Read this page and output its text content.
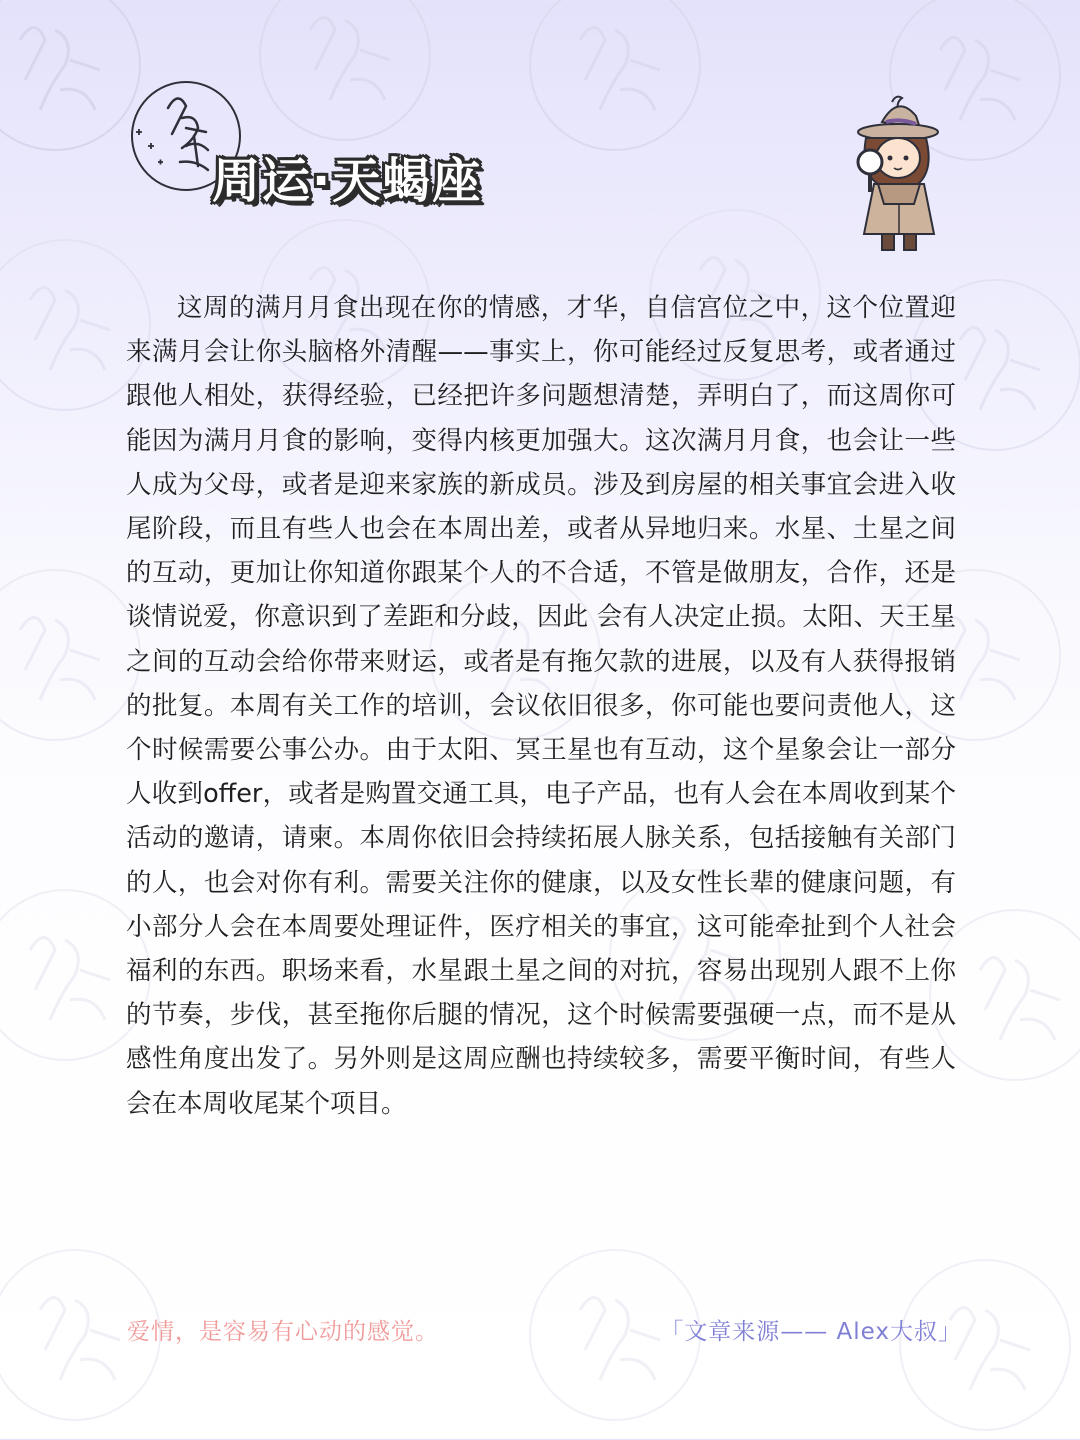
周运·天蝎座

这周的满月月食出现在你的情感，才华，自信宫位之中，这个位置迎来满月会让你头脑格外清醒——事实上，你可能经过反复思考，或者通过跟他人相处，获得经验，已经把许多问题想清楚，弄明白了，而这周你可能因为满月月食的影响，变得内核更加强大。这次满月月食，也会让一些人成为父母，或者是迎来家族的新成员。涉及到房屋的相关事宜会进入收尾阶段，而且有些人也会在本周出差，或者从异地归来。水星、土星之间的互动，更加让你知道你跟某个人的不合适，不管是做朋友，合作，还是谈情说爱，你意识到了差距和分歧，因此 会有人决定止损。太阳、天王星之间的互动会给你带来财运，或者是有拖欠款的进展，以及有人获得报销的批复。本周有关工作的培训，会议依旧很多，你可能也要问责他人，这个时候需要公事公办。由于太阳、冥王星也有互动，这个星象会让一部分人收到offer，或者是购置交通工具，电子产品，也有人会在本周收到某个活动的邀请，请柬。本周你依旧会持续拓展人脉关系，包括接触有关部门的人，也会对你有利。需要关注你的健康，以及女性长辈的健康问题，有小部分人会在本周要处理证件，医疗相关的事宜，这可能牵扯到个人社会福利的东西。职场来看，水星跟土星之间的对抗，容易出现别人跟不上你的节奏，步伐，甚至拖你后腿的情况，这个时候需要强硬一点，而不是从感性角度出发了。另外则是这周应酬也持续较多，需要平衡时间，有些人会在本周收尾某个项目。

爱情，是容易有心动的感觉。	「文章来源—— Alex大叔」
